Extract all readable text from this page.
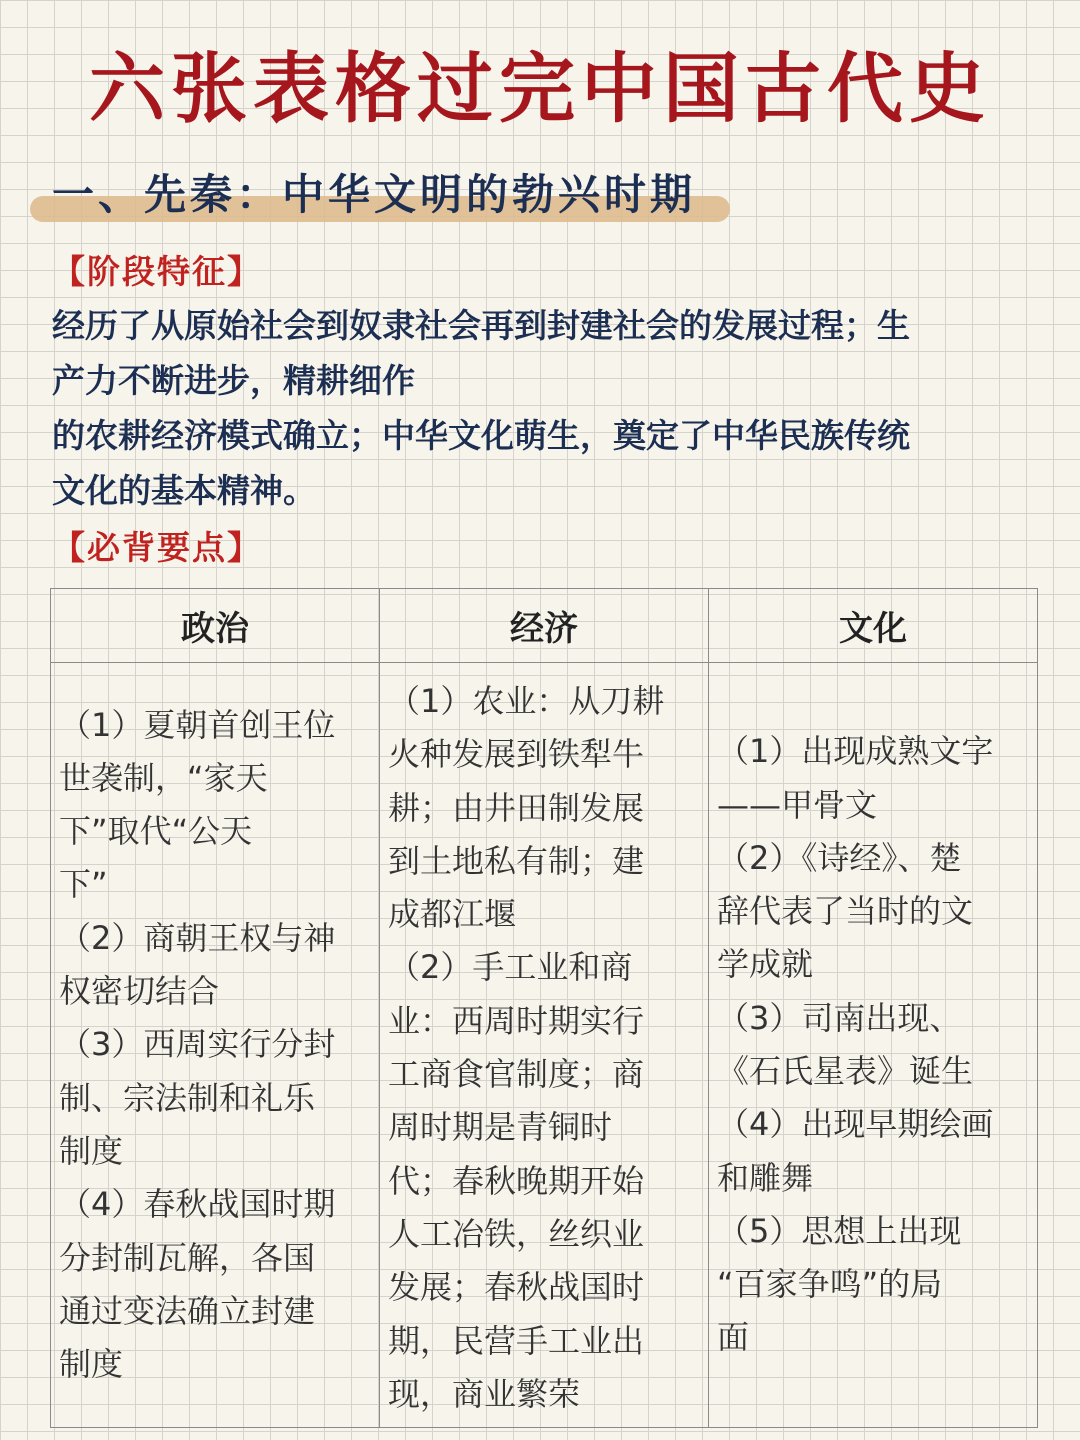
六张表格过完中国古代史
一、先秦：中华文明的勃兴时期

【阶段特征】

经历了从原始社会到奴隶社会再到封建社会的发展过程；生
产力不断进步，精耕细作
的农耕经济模式确立；中华文化萌生，奠定了中华民族传统
文化的基本精神。

【必背要点】

政治	经济	文化
（1）夏朝首创王位
世袭制，“家天
下”取代“公天
下”
（2）商朝王权与神
权密切结合
（3）西周实行分封
制、宗法制和礼乐
制度
（4）春秋战国时期
分封制瓦解，各国
通过变法确立封建
制度
（1）农业：从刀耕
火种发展到铁犁牛
耕；由井田制发展
到土地私有制；建
成都江堰
（2）手工业和商
业：西周时期实行
工商食官制度；商
周时期是青铜时
代；春秋晚期开始
人工冶铁，丝织业
发展；春秋战国时
期，民营手工业出
现，商业繁荣
（1）出现成熟文字
——甲骨文
（2）《诗经》、楚
辞代表了当时的文
学成就
（3）司南出现、
《石氏星表》诞生
（4）出现早期绘画
和雕舞
（5）思想上出现
“百家争鸣”的局
面
